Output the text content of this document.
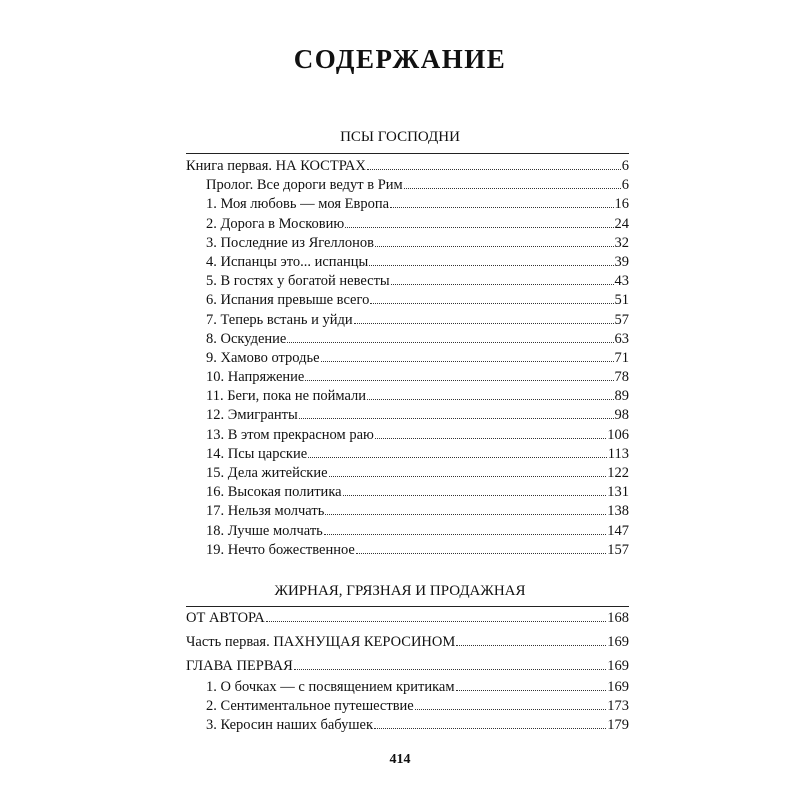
СОДЕРЖАНИЕ
ПСЫ ГОСПОДНИ
Книга первая. НА КОСТРАХ	6
Пролог. Все дороги ведут в Рим	6
1. Моя любовь — моя Европа	16
2. Дорога в Московию	24
3. Последние из Ягеллонов	32
4. Испанцы это... испанцы	39
5. В гостях у богатой невесты	43
6. Испания превыше всего	51
7. Теперь встань и уйди	57
8. Оскудение	63
9. Хамово отродье	71
10. Напряжение	78
11. Беги, пока не поймали	89
12. Эмигранты	98
13. В этом прекрасном раю	106
14. Псы царские	113
15. Дела житейские	122
16. Высокая политика	131
17. Нельзя молчать	138
18. Лучше молчать	147
19. Нечто божественное	157
ЖИРНАЯ, ГРЯЗНАЯ И ПРОДАЖНАЯ
ОТ АВТОРА	168
Часть первая. ПАХНУЩАЯ КЕРОСИНОМ	169
ГЛАВА ПЕРВАЯ	169
1. О бочках — с посвящением критикам	169
2. Сентиментальное путешествие	173
3. Керосин наших бабушек	179
414
